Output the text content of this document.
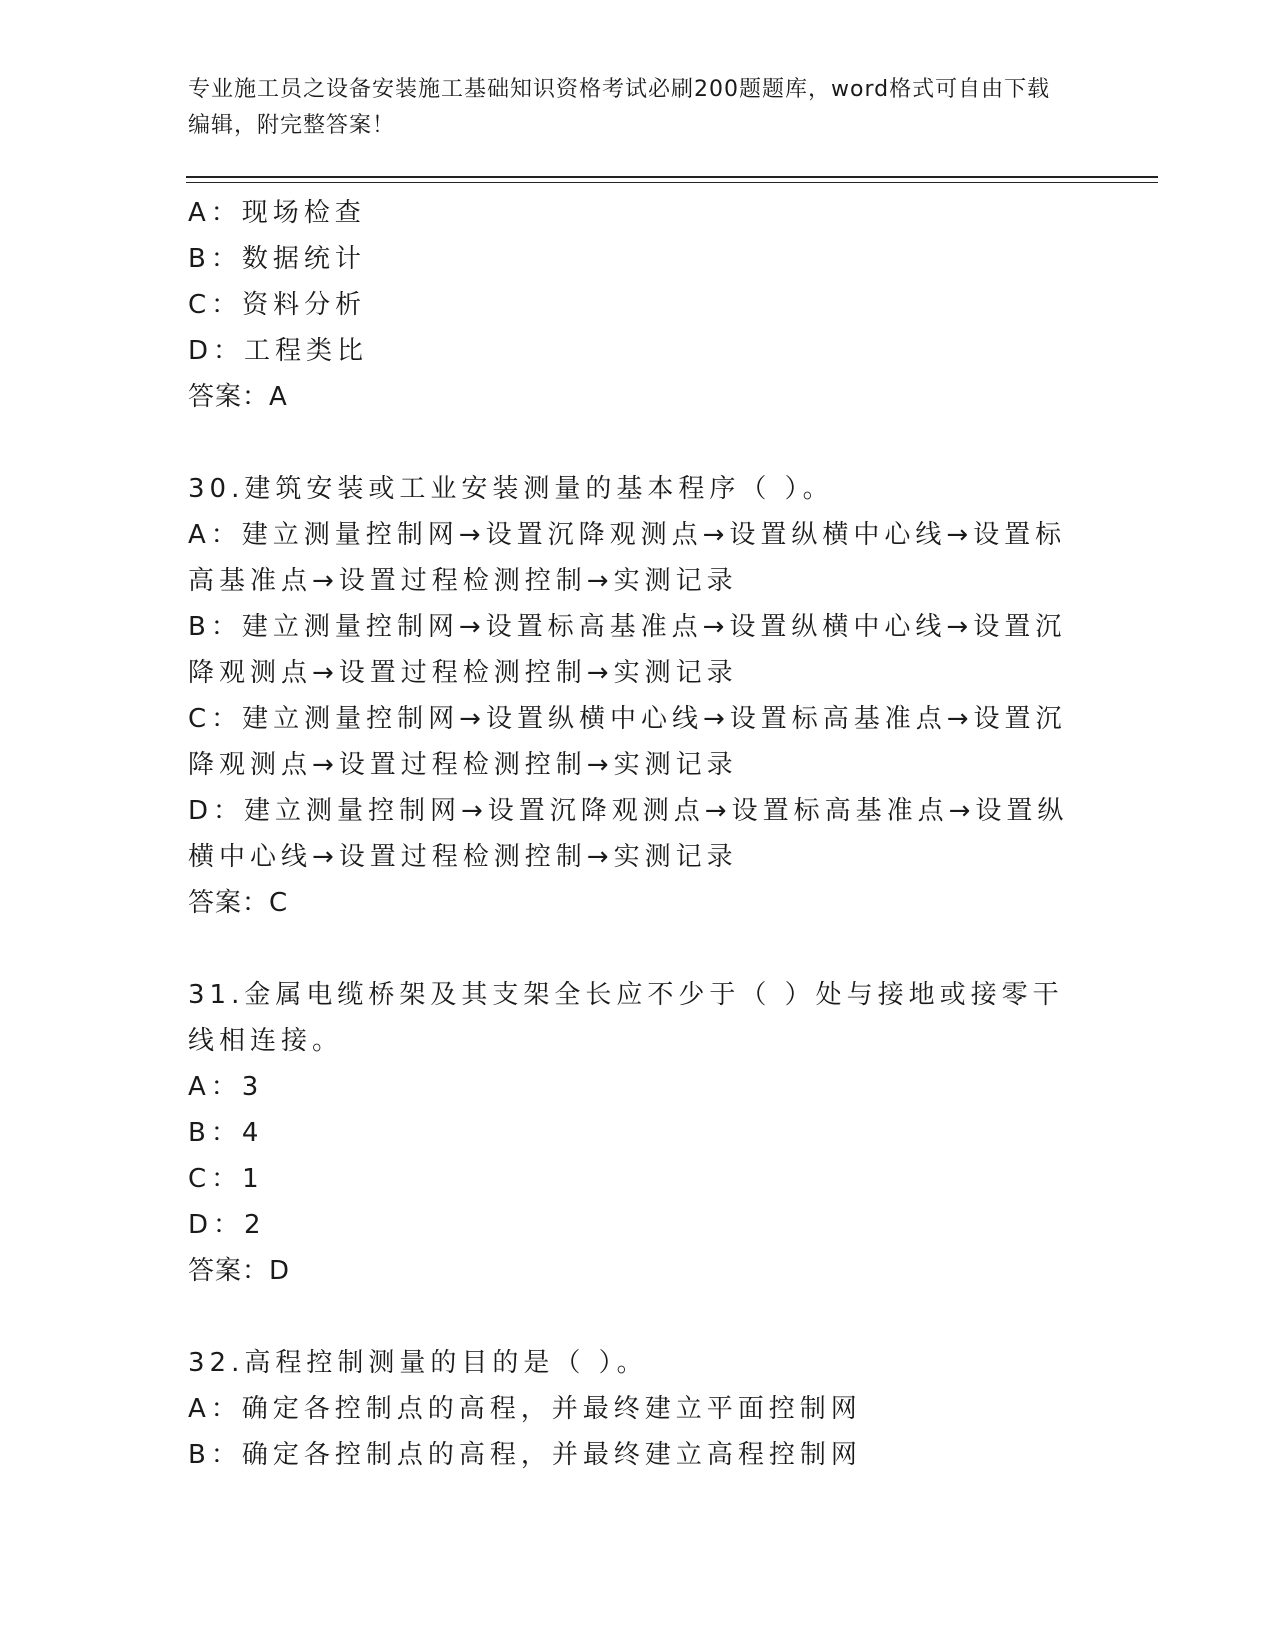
专业施工员之设备安装施工基础知识资格考试必刷200题题库，word格式可自由下载编辑，附完整答案！
A：现场检查
B：数据统计
C：资料分析
D：工程类比
答案：A
30.建筑安装或工业安装测量的基本程序（ ）。
A：建立测量控制网→设置沉降观测点→设置纵横中心线→设置标高基准点→设置过程检测控制→实测记录
B：建立测量控制网→设置标高基准点→设置纵横中心线→设置沉降观测点→设置过程检测控制→实测记录
C：建立测量控制网→设置纵横中心线→设置标高基准点→设置沉降观测点→设置过程检测控制→实测记录
D：建立测量控制网→设置沉降观测点→设置标高基准点→设置纵横中心线→设置过程检测控制→实测记录
答案：C
31.金属电缆桥架及其支架全长应不少于（ ）处与接地或接零干线相连接。
A：3
B：4
C：1
D：2
答案：D
32.高程控制测量的目的是（ ）。
A：确定各控制点的高程，并最终建立平面控制网
B：确定各控制点的高程，并最终建立高程控制网
